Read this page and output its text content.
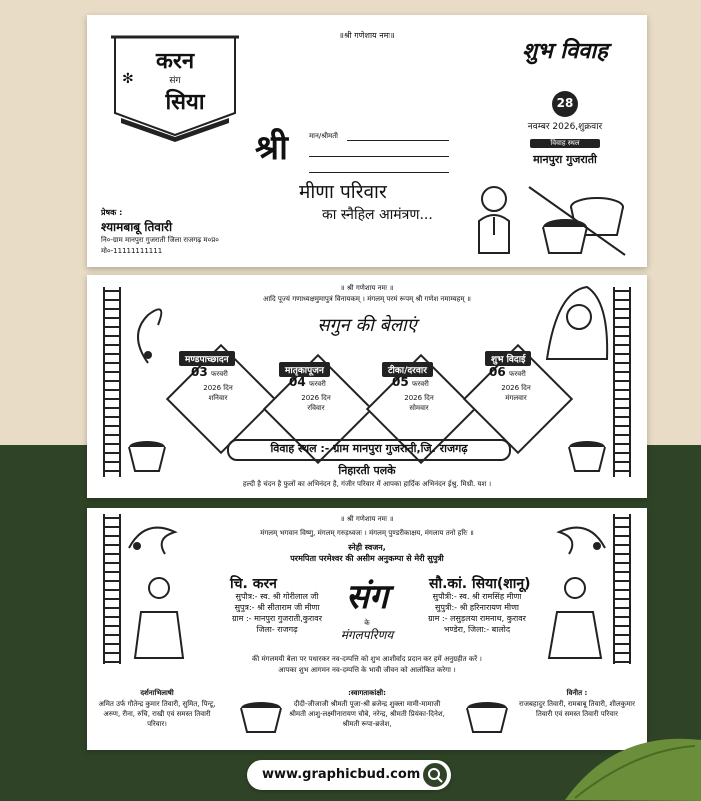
करन
संग
सिया
✻
॥श्री गणेशाय नमः॥
श्री	मान/श्रीमती
मीणा परिवार
का स्नैहिल आमंत्रण...
शुभ विवाह
28
नवम्बर 2026,शुक्रवार
विवाह स्थल
मानपुरा गुजराती
प्रेषक :
श्यामबाबू तिवारी
नि०-ग्राम मानपुरा गुजराती जिला राजगढ़ म०प्र०
मो०-11111111111
॥ श्री गणेशाय नमः ॥
आदि पूज्यं गणाध्यक्षमुमापुत्रं विनायकम् । मंगलम् परमं रूपम् श्री गणेश नमाम्यहम् ॥
सगुन की बेलाएं
मण्डपाच्छादन
03 फरवरी
2026 दिन
शनिवार
मातृकापूजन
04 फरवरी
2026 दिन
रविवार
टीका/दरवार
05 फरवरी
2026 दिन
सोमवार
शुभ विदाई
06 फरवरी
2026 दिन
मंगलवार
विवाह स्थल :- ग्राम मानपुरा गुजराती,जि. राजगढ़
निहारती पलके
हल्दी है चंदन है फुलों का अभिनंदन है, गंजीर परिवार में आपका हार्दिक अभिनंदन ईश्रु. मिथ्री. यश ।
॥ श्री गणेशाय नमः ॥
मंगलम् भगवान विष्णु, मंगलम् गरुड़ध्वजः । मंगलम् पुण्डरीकाक्षय, मंगलाय तनो हरिः ॥
स्नेही स्वजन,
परमपिता परमेश्वर की असीम अनुकम्पा से मेरी सुपुत्री
चि. करन
सुपौत्र:- स्व. श्री गोरीलाल जी
सुपुत्र:- श्री सीताराम जी मीणा
ग्राम :- मानपुरा गुजराती,कुरावर
जिला- राजगढ़
सौ.कां. सिया(शानू)
सुपौत्री:- स्व. श्री रामसिंह मीणा
सुपुत्री:- श्री हरिनारायण मीणा
ग्राम :- लसुड़लया रामनाथ, कुरावर
भण्डेरा, जिला:- बालोद
संग
के
मंगलपरिणय
की मंगलमयी बेला पर पधारकर नव-दम्पत्ति को शुभ आशीर्वाद प्रदान कर हमें अनुग्रहीत करें ।
आपका शुभ आगमन नव-दम्पत्ति के भावी जीवन को आलोकित करेगा ।
दर्शनाभिलाषी
अमित उर्फ गौतेन्द्र कुमार तिवारी, सुमित, पिन्टू, अरुण, रीना, रुचि, राखी एवं समस्त तिवारी परिवार।
:स्वागताकांक्षी:
दीदी-जीजाजी श्रीमती पूजा-श्री ब्रजेन्द्र शुक्ला मामी-मामाजी श्रीमती आशु-लक्ष्मीनारायण चौबे, नरेन्द्र, श्रीमती प्रियंका-दिनेश, श्रीमती रूपा-ब्रजेश,
विनीत :
राजबहादुर तिवारी, रामबाबू तिवारी, शीलकुमार तिवारी एवं समस्त तिवारी परिवार
www.graphicbud.com
